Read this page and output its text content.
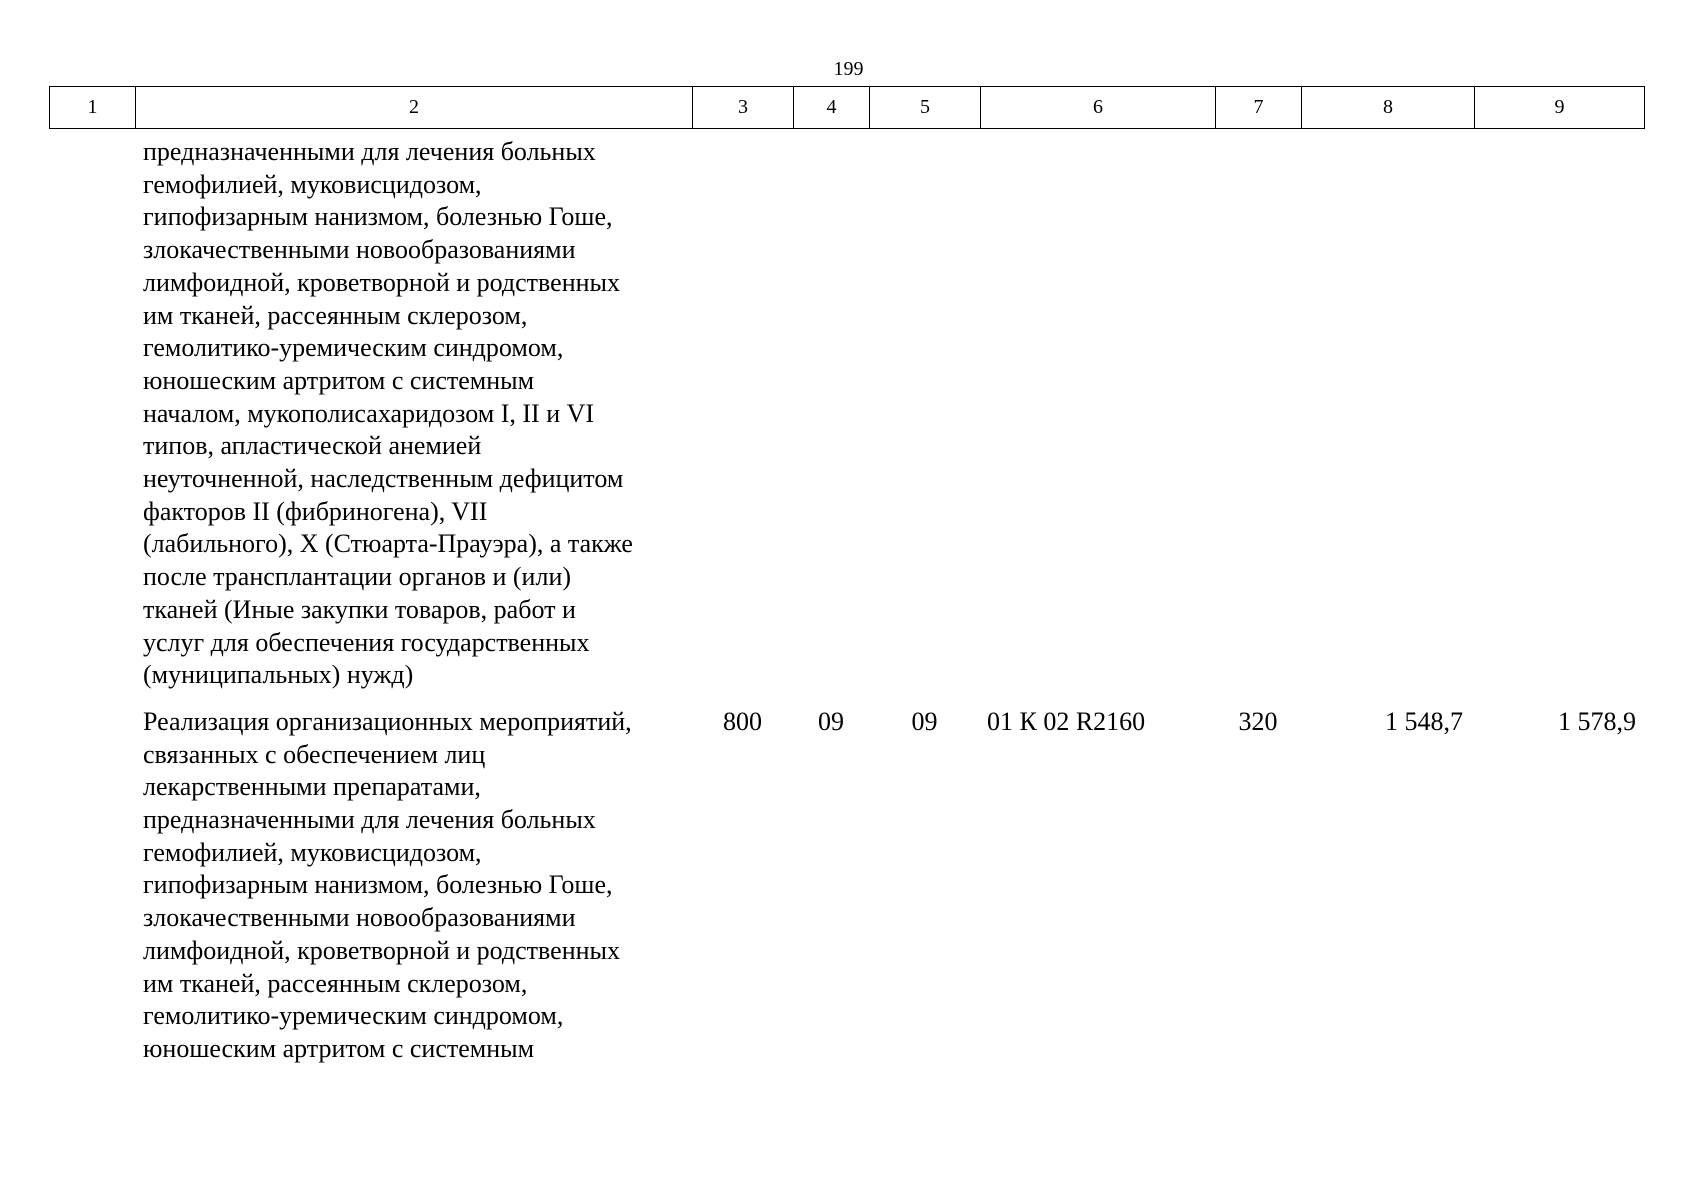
199
1	2	3	4	5	6	7	8	9
предназначенными для лечения больных
гемофилией, муковисцидозом,
гипофизарным нанизмом, болезнью Гоше,
злокачественными новообразованиями
лимфоидной, кроветворной и родственных
им тканей, рассеянным склерозом,
гемолитико-уремическим синдромом,
юношеским артритом с системным
началом, мукополисахаридозом I, II и VI
типов, апластической анемией
неуточненной, наследственным дефицитом
факторов II (фибриногена), VII
(лабильного), X (Стюарта-Прауэра), а также
после трансплантации органов и (или)
тканей (Иные закупки товаров, работ и
услуг для обеспечения государственных
(муниципальных) нужд)
Реализация организационных мероприятий,
связанных с обеспечением лиц
лекарственными препаратами,
предназначенными для лечения больных
гемофилией, муковисцидозом,
гипофизарным нанизмом, болезнью Гоше,
злокачественными новообразованиями
лимфоидной, кроветворной и родственных
им тканей, рассеянным склерозом,
гемолитико-уремическим синдромом,
юношеским артритом с системным
800	09	09	01 К 02 R2160	320	1 548,7	1 578,9
